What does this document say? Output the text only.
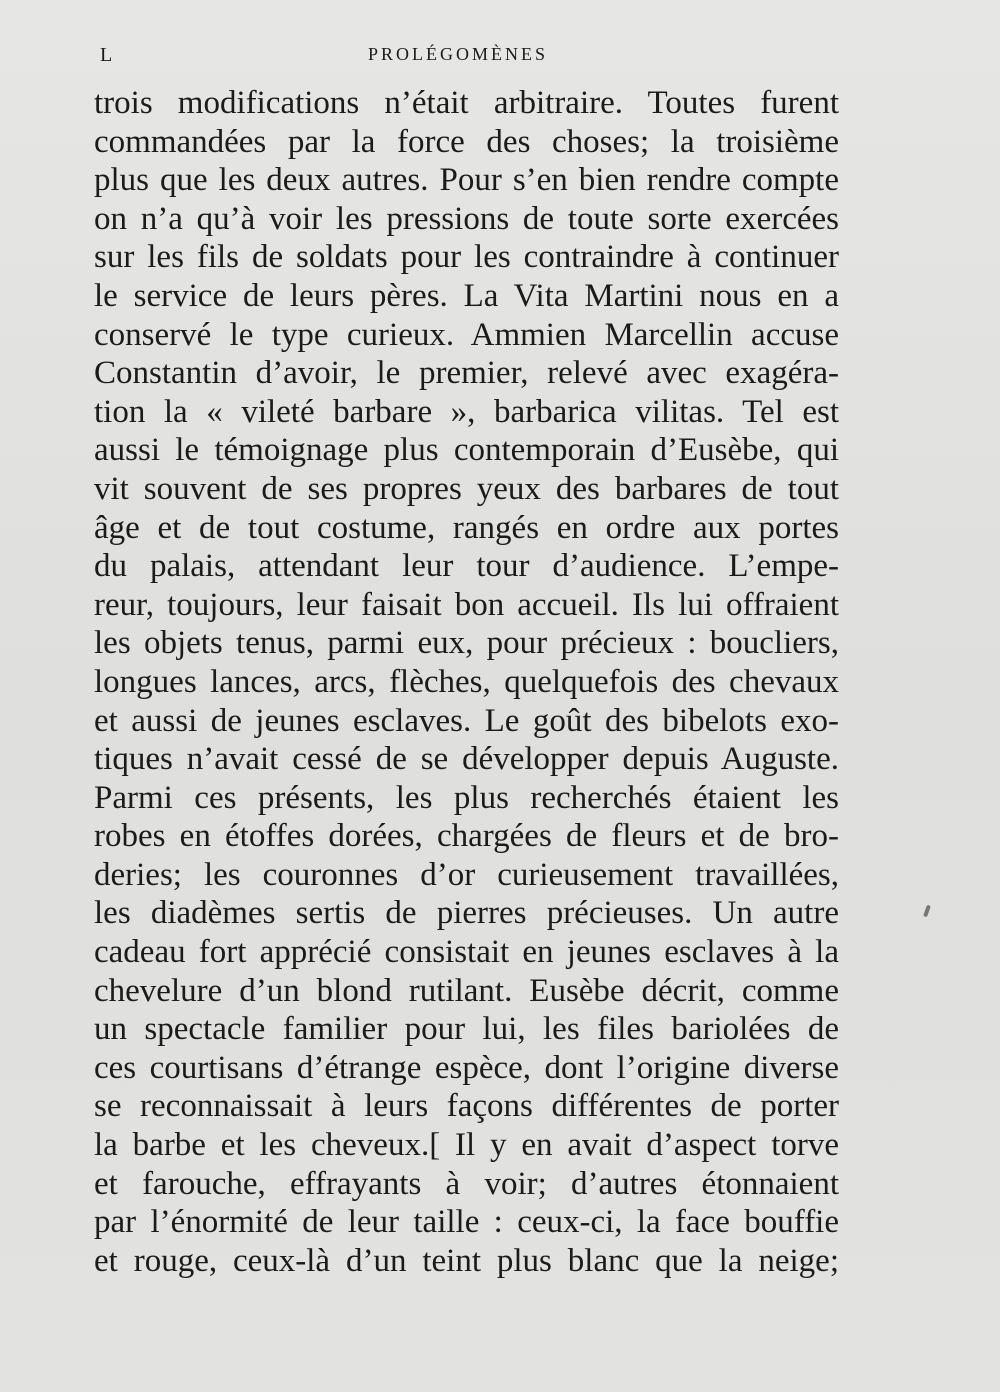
L	PROLÉGOMÈNES
trois modifications n’était arbitraire. Toutes furent
commandées par la force des choses; la troisième
plus que les deux autres. Pour s’en bien rendre compte
on n’a qu’à voir les pressions de toute sorte exercées
sur les fils de soldats pour les contraindre à continuer
le service de leurs pères. La Vita Martini nous en a
conservé le type curieux. Ammien Marcellin accuse
Constantin d’avoir, le premier, relevé avec exagéra-
tion la « vileté barbare », barbarica vilitas. Tel est
aussi le témoignage plus contemporain d’Eusèbe, qui
vit souvent de ses propres yeux des barbares de tout
âge et de tout costume, rangés en ordre aux portes
du palais, attendant leur tour d’audience. L’empe-
reur, toujours, leur faisait bon accueil. Ils lui offraient
les objets tenus, parmi eux, pour précieux : boucliers,
longues lances, arcs, flèches, quelquefois des chevaux
et aussi de jeunes esclaves. Le goût des bibelots exo-
tiques n’avait cessé de se développer depuis Auguste.
Parmi ces présents, les plus recherchés étaient les
robes en étoffes dorées, chargées de fleurs et de bro-
deries; les couronnes d’or curieusement travaillées,
les diadèmes sertis de pierres précieuses. Un autre
cadeau fort apprécié consistait en jeunes esclaves à la
chevelure d’un blond rutilant. Eusèbe décrit, comme
un spectacle familier pour lui, les files bariolées de
ces courtisans d’étrange espèce, dont l’origine diverse
se reconnaissait à leurs façons différentes de porter
la barbe et les cheveux.[ Il y en avait d’aspect torve
et farouche, effrayants à voir; d’autres étonnaient
par l’énormité de leur taille : ceux-ci, la face bouffie
et rouge, ceux-là d’un teint plus blanc que la neige;
